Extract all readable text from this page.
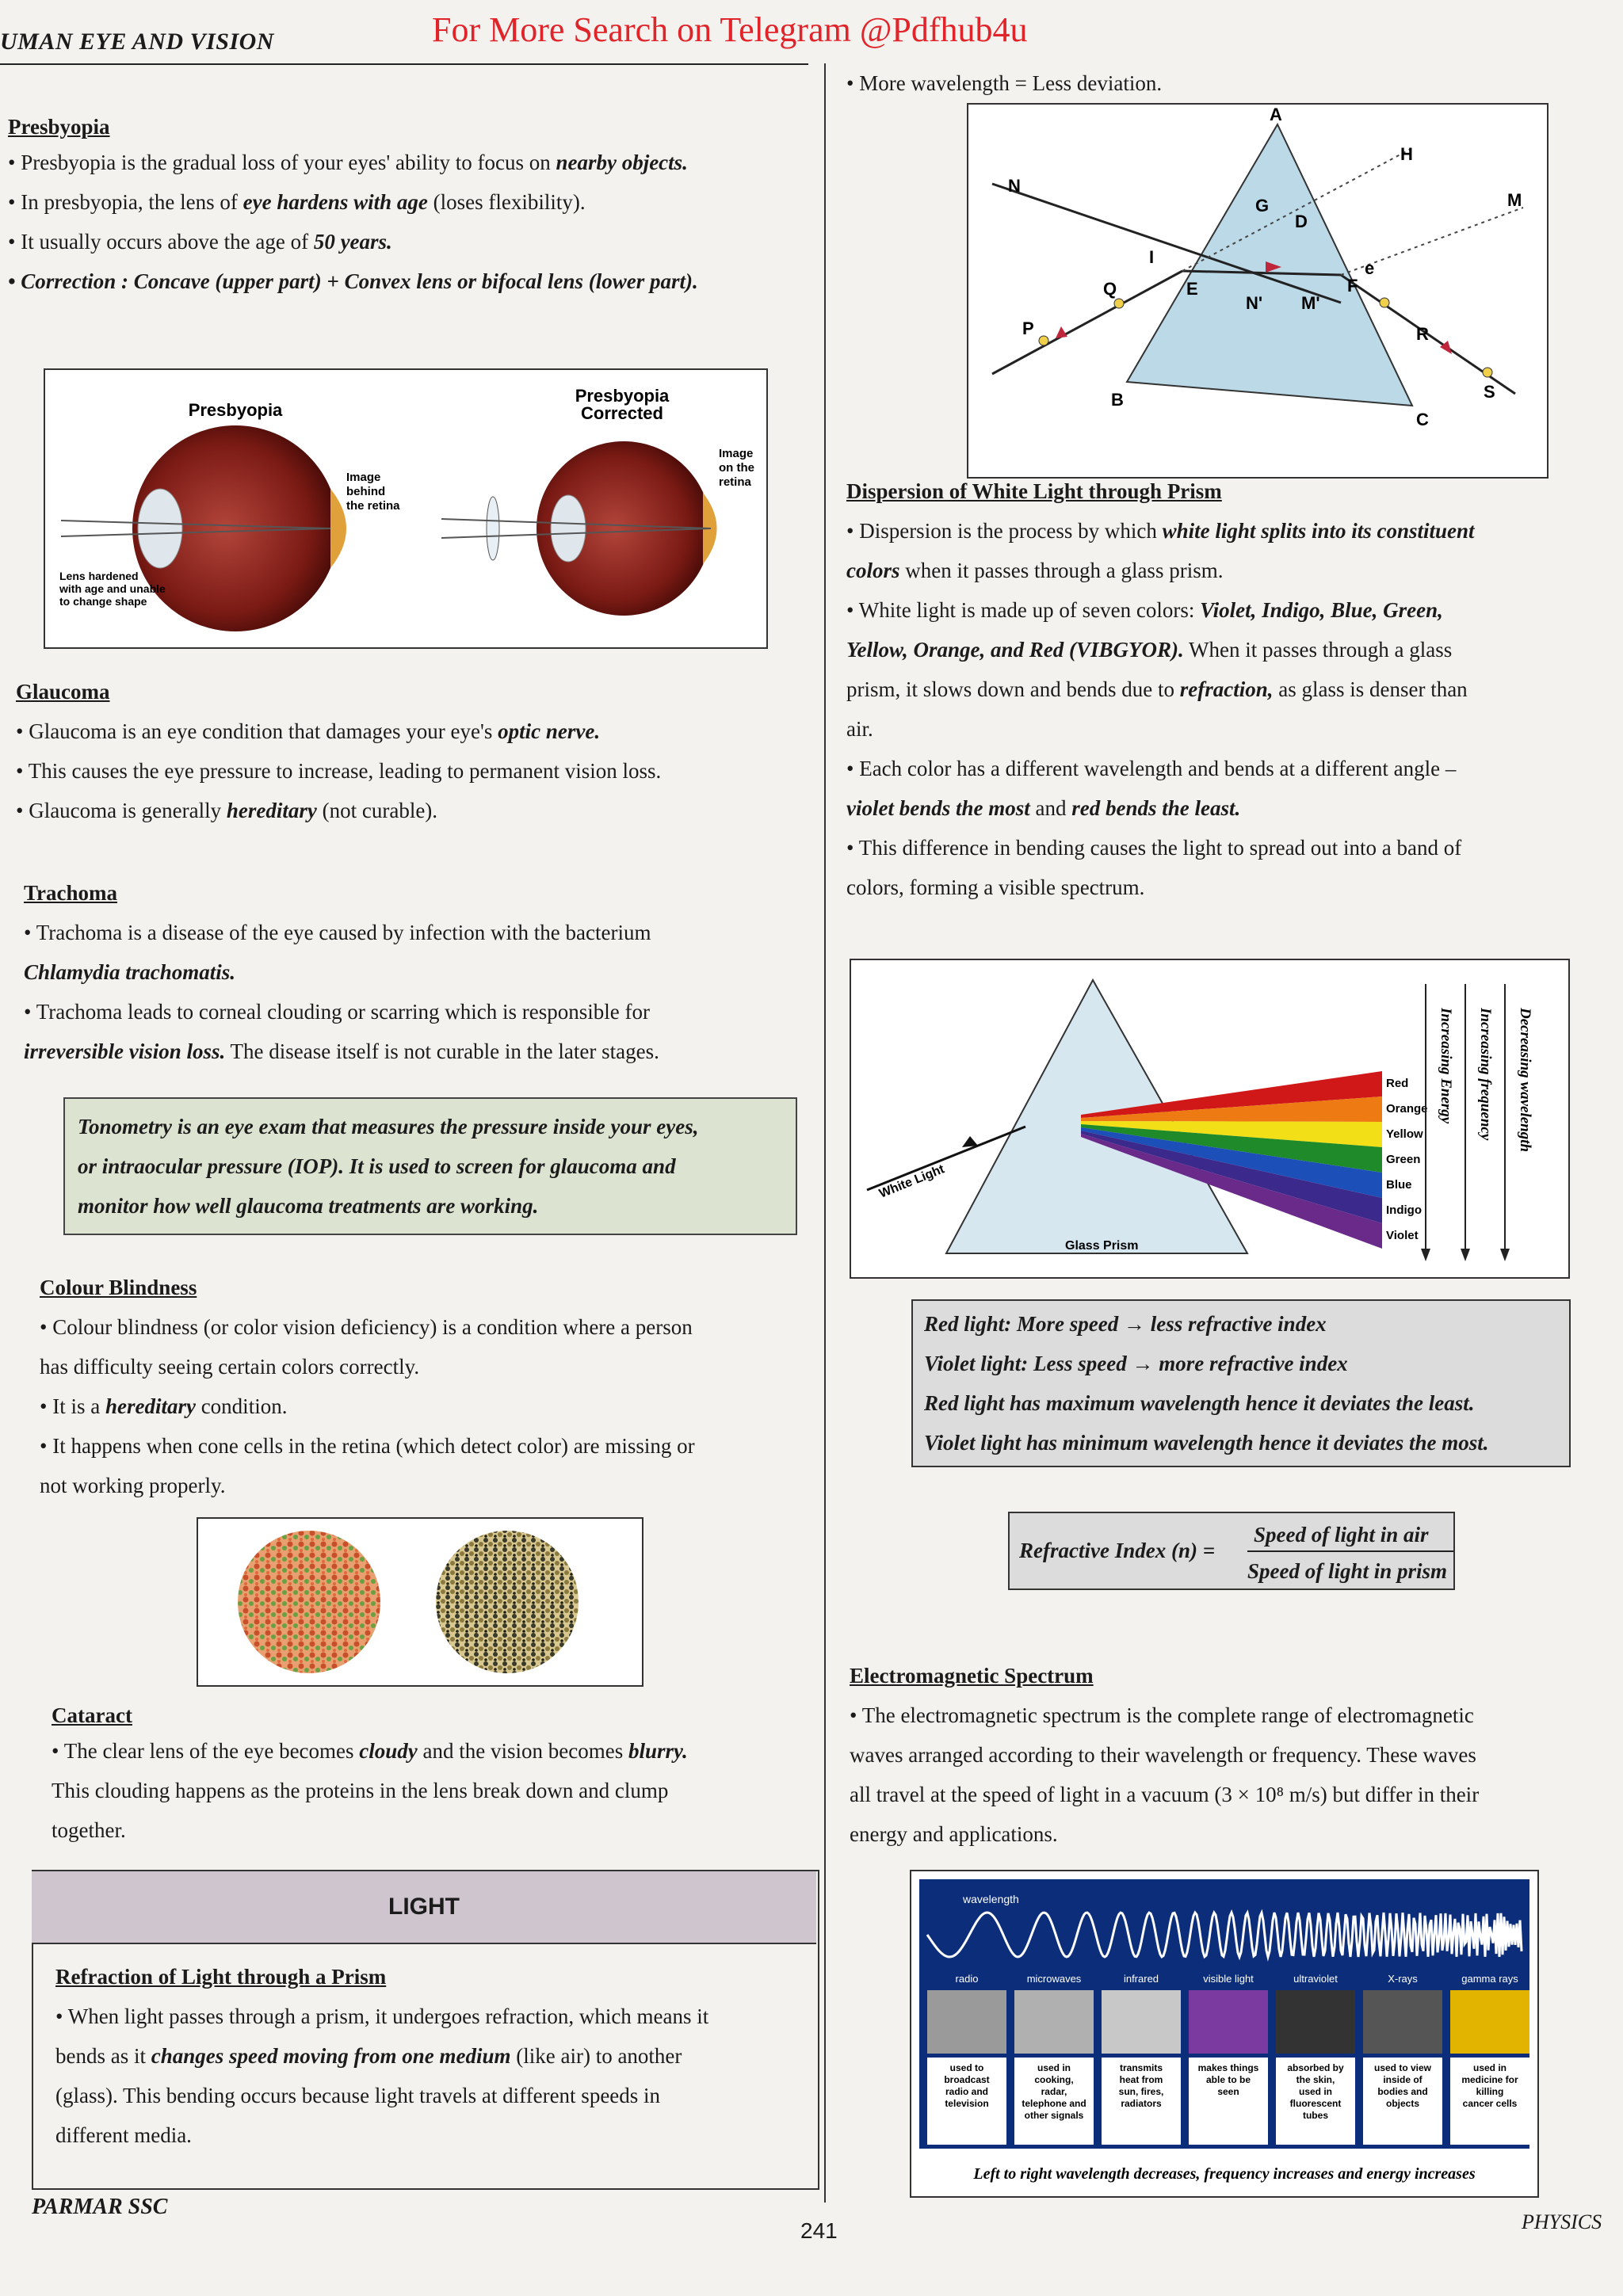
UMAN EYE AND VISION	For More Search on Telegram @Pdfhub4u
Presbyopia
• Presbyopia is the gradual loss of your eyes' ability to focus on nearby objects.
• In presbyopia, the lens of eye hardens with age (loses flexibility).
• It usually occurs above the age of 50 years.
• Correction : Concave (upper part) + Convex lens or bifocal lens (lower part).
Presbyopia
Presbyopia
Corrected
Image
behind
the retina
Lens hardened
with age and unable
to change shape
Image
on the
retina
Glaucoma
• Glaucoma is an eye condition that damages your eye's optic nerve.
• This causes the eye pressure to increase, leading to permanent vision loss.
• Glaucoma is generally hereditary (not curable).
Trachoma
• Trachoma is a disease of the eye caused by infection with the bacterium
Chlamydia trachomatis.
• Trachoma leads to corneal clouding or scarring which is responsible for
irreversible vision loss. The disease itself is not curable in the later stages.
Tonometry is an eye exam that measures the pressure inside your eyes,
or intraocular pressure (IOP). It is used to screen for glaucoma and
monitor how well glaucoma treatments are working.
Colour Blindness
• Colour blindness (or color vision deficiency) is a condition where a person
has difficulty seeing certain colors correctly.
• It is a hereditary condition.
• It happens when cone cells in the retina (which detect color) are missing or
not working properly.
Cataract
• The clear lens of the eye becomes cloudy and the vision becomes blurry.
This clouding happens as the proteins in the lens break down and clump
together.
LIGHT
Refraction of Light through a Prism
• When light passes through a prism, it undergoes refraction, which means it
bends as it changes speed moving from one medium (like air) to another
(glass). This bending occurs because light travels at different speeds in
different media.
• More wavelength = Less deviation.
A
B
C
N
H
M
G
D
E	F
I
e
Q
P	R
S
N' M'
Dispersion of White Light through Prism
• Dispersion is the process by which white light splits into its constituent
colors when it passes through a glass prism.
• White light is made up of seven colors: Violet, Indigo, Blue, Green,
Yellow, Orange, and Red (VIBGYOR). When it passes through a glass
prism, it slows down and bends due to refraction, as glass is denser than
air.
• Each color has a different wavelength and bends at a different angle –
violet bends the most and red bends the least.
• This difference in bending causes the light to spread out into a band of
colors, forming a visible spectrum.
White Light
Glass Prism
Red
Orange
Yellow
Green
Blue
Indigo
Violet
Increasing Energy Increasing frequency Decreasing wavelength
Red light: More speed → less refractive index
Violet light: Less speed → more refractive index
Red light has maximum wavelength hence it deviates the least.
Violet light has minimum wavelength hence it deviates the most.
Refractive Index (n) =
Speed of light in air
Speed of light in prism
Electromagnetic Spectrum
• The electromagnetic spectrum is the complete range of electromagnetic
waves arranged according to their wavelength or frequency. These waves
all travel at the speed of light in a vacuum (3 × 10⁸ m/s) but differ in their
energy and applications.
wavelength
radio
used to
broadcast
radio and
television
microwaves
used in
cooking,
radar,
telephone and
other signals
infrared
transmits
heat from
sun, fires,
radiators
visible light
makes things
able to be
seen
ultraviolet
absorbed by
the skin,
used in
fluorescent
tubes
X-rays
used to view
inside of
bodies and
objects
gamma rays
used in
medicine for
killing
cancer cells
Left to right wavelength decreases, frequency increases and energy increases
PARMAR SSC
241	PHYSICS
